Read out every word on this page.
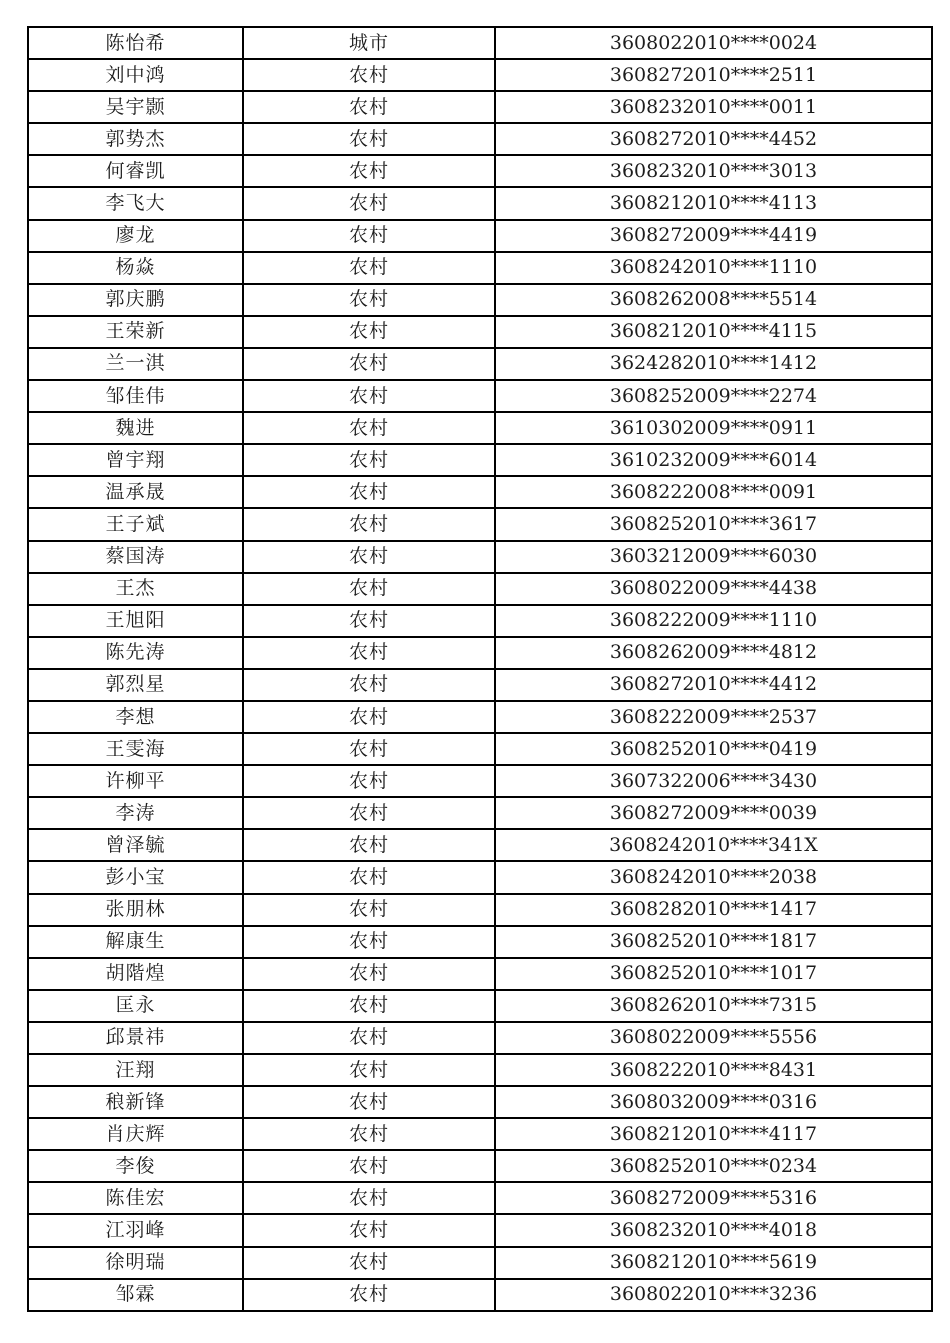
陈怡希	城市	3608022010****0024
刘中鸿	农村	3608272010****2511
吴宇颢	农村	3608232010****0011
郭势杰	农村	3608272010****4452
何睿凯	农村	3608232010****3013
李飞大	农村	3608212010****4113
廖龙	农村	3608272009****4419
杨焱	农村	3608242010****1110
郭庆鹏	农村	3608262008****5514
王荣新	农村	3608212010****4115
兰一淇	农村	3624282010****1412
邹佳伟	农村	3608252009****2274
魏进	农村	3610302009****0911
曾宇翔	农村	3610232009****6014
温承晟	农村	3608222008****0091
王子斌	农村	3608252010****3617
蔡国涛	农村	3603212009****6030
王杰	农村	3608022009****4438
王旭阳	农村	3608222009****1110
陈先涛	农村	3608262009****4812
郭烈星	农村	3608272010****4412
李想	农村	3608222009****2537
王雯海	农村	3608252010****0419
许柳平	农村	3607322006****3430
李涛	农村	3608272009****0039
曾泽毓	农村	3608242010****341X
彭小宝	农村	3608242010****2038
张朋林	农村	3608282010****1417
解康生	农村	3608252010****1817
胡階煌	农村	3608252010****1017
匡永	农村	3608262010****7315
邱景祎	农村	3608022009****5556
汪翔	农村	3608222010****8431
稂新锋	农村	3608032009****0316
肖庆辉	农村	3608212010****4117
李俊	农村	3608252010****0234
陈佳宏	农村	3608272009****5316
江羽峰	农村	3608232010****4018
徐明瑞	农村	3608212010****5619
邹霖	农村	3608022010****3236
